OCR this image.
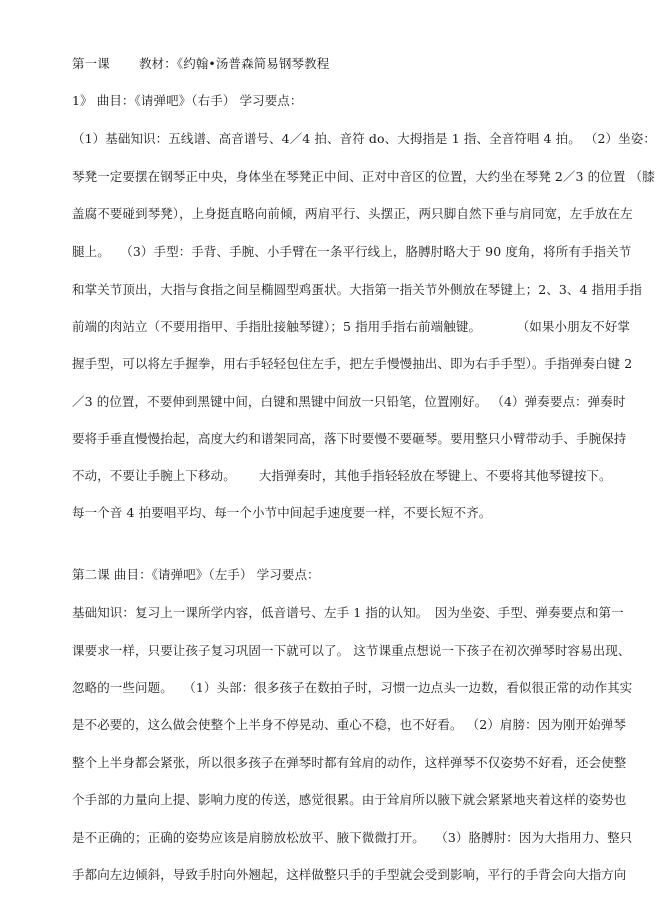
第一课　　 教材：《约翰•汤普森简易钢琴教程
1》 曲目：《请弹吧》（右手） 学习要点：
（1）基础知识：五线谱、高音谱号、4／4 拍、音符 do、大拇指是 1 指、全音符唱 4 拍。 （2）坐姿：
琴凳一定要摆在钢琴正中央，身体坐在琴凳正中间、正对中音区的位置，大约坐在琴凳 2／3 的位置 （膝
盖腐不要碰到琴凳），上身挺直略向前倾，两肩平行、头摆正，两只脚自然下垂与肩同宽，左手放在左
腿上。　 （3）手型：手背、手腕、小手臂在一条平行线上，胳膊肘略大于 90 度角，将所有手指关节
和掌关节顶出，大指与食指之间呈椭圆型鸡蛋状。大指第一指关节外侧放在琴键上；2、3、4 指用手指
前端的肉站立（不要用指甲、手指肚接触琴键）；5 指用手指右前端触键。　　　 （如果小朋友不好掌
握手型，可以将左手握拳，用右手轻轻包住左手，把左手慢慢抽出、即为右手手型）。手指弹奏白键 2
／3 的位置，不要伸到黑键中间，白键和黑键中间放一只铅笔，位置刚好。 （4）弹奏要点：弹奏时
要将手垂直慢慢抬起，高度大约和谱架同高，落下时要慢不要砸琴。要用整只小臂带动手、手腕保持
不动，不要让手腕上下移动。　　 大指弹奏时，其他手指轻轻放在琴键上、不要将其他琴键按下。
每一个音 4 拍要唱平均、每一个小节中间起手速度要一样，不要长短不齐。
第二课 曲目：《请弹吧》（左手） 学习要点：
基础知识：复习上一课所学内容，低音谱号、左手 1 指的认知。　因为坐姿、手型、弹奏要点和第一
课要求一样，只要让孩子复习巩固一下就可以了。 这节课重点想说一下孩子在初次弹琴时容易出现、
忽略的一些问题。　 （1）头部：很多孩子在数拍子时，习惯一边点头一边数，看似很正常的动作其实
是不必要的，这么做会使整个上半身不停晃动、重心不稳，也不好看。 （2）肩膀：因为刚开始弹琴
整个上半身都会紧张，所以很多孩子在弹琴时都有耸肩的动作，这样弹琴不仅姿势不好看，还会使整
个手部的力量向上提、影响力度的传送，感觉很累。由于耸肩所以腋下就会紧紧地夹着这样的姿势也
是不正确的；正确的姿势应该是肩膀放松放平、腋下微微打开。　 （3）胳膊肘：因为大指用力、整只
手都向左边倾斜，导致手肘向外翘起，这样做整只手的手型就会受到影响，平行的手背会向大指方向
